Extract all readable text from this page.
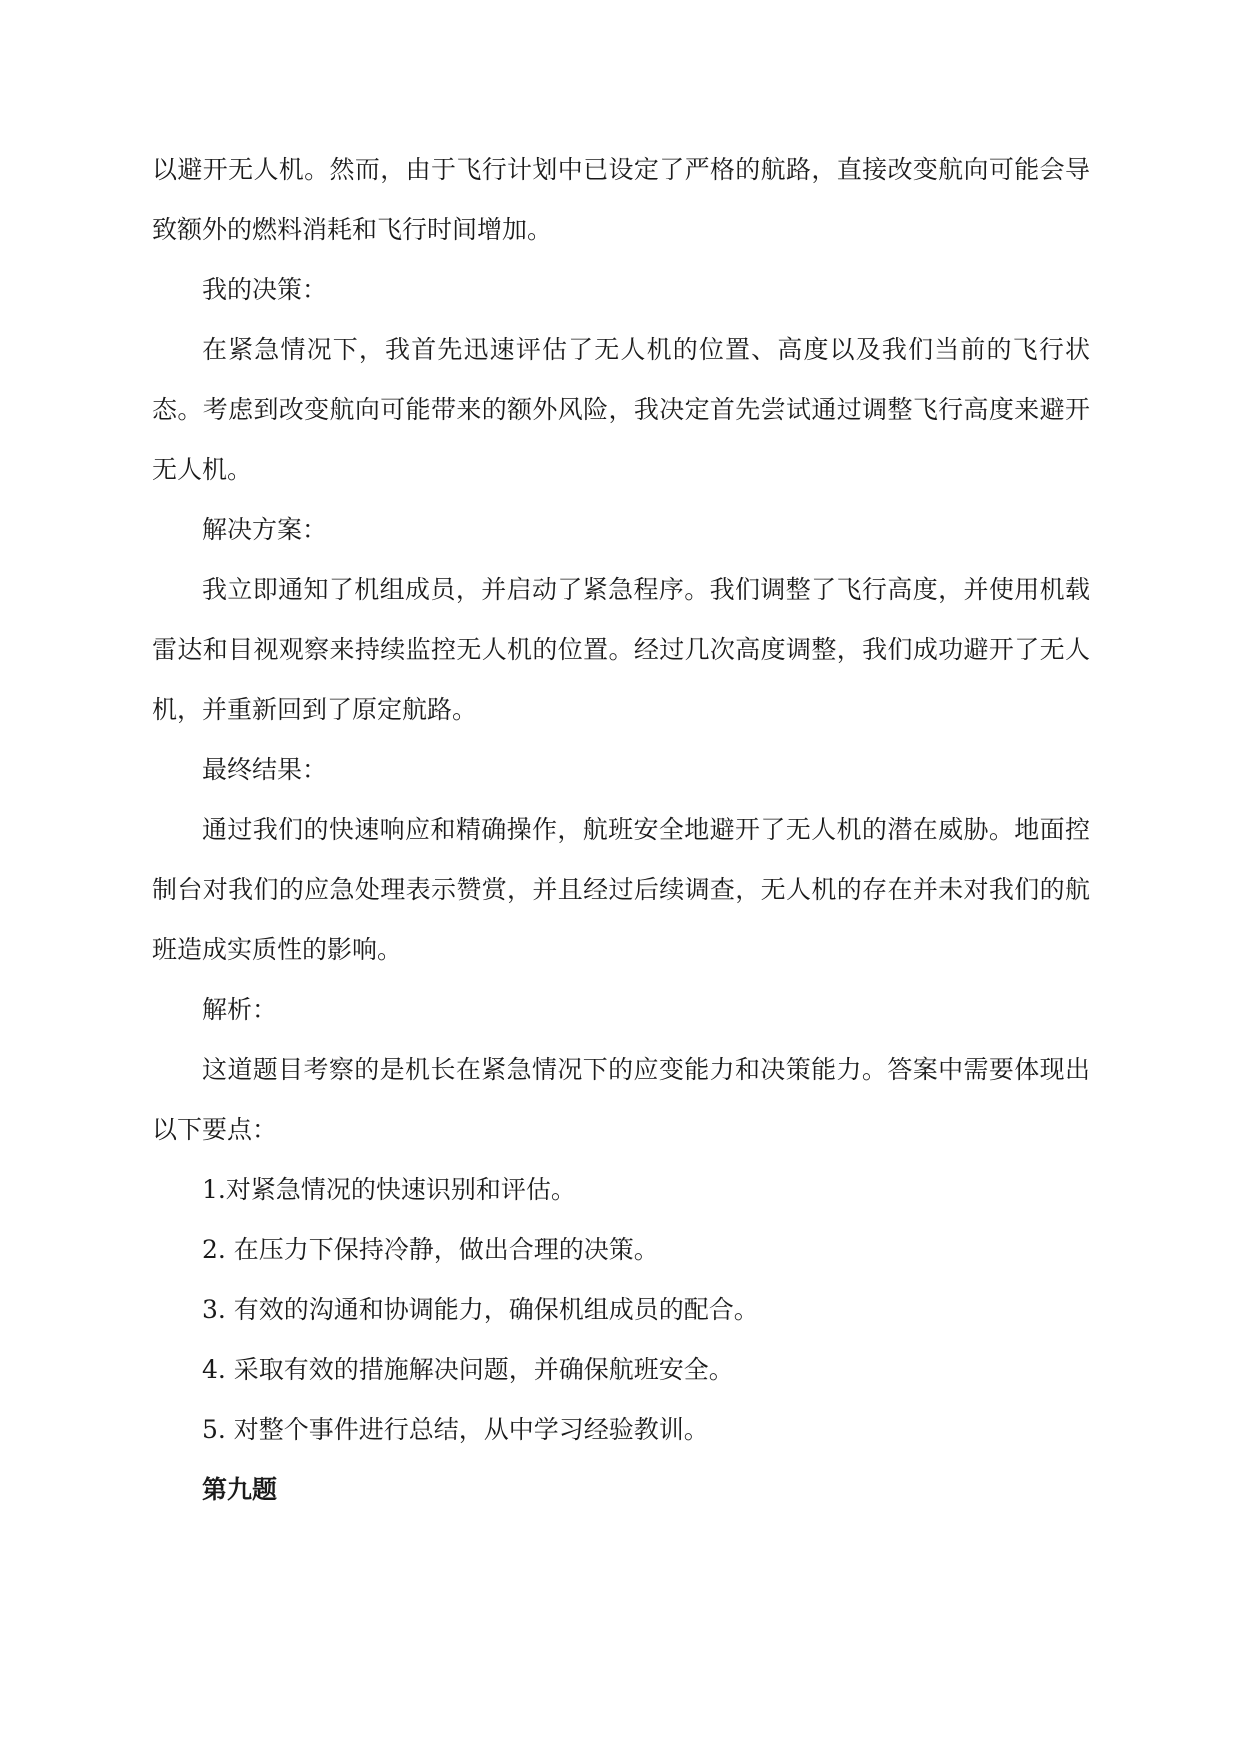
以避开无人机。然而，由于飞行计划中已设定了严格的航路，直接改变航向可能会导致额外的燃料消耗和飞行时间增加。

我的决策：

在紧急情况下，我首先迅速评估了无人机的位置、高度以及我们当前的飞行状态。考虑到改变航向可能带来的额外风险，我决定首先尝试通过调整飞行高度来避开无人机。

解决方案：

我立即通知了机组成员，并启动了紧急程序。我们调整了飞行高度，并使用机载雷达和目视观察来持续监控无人机的位置。经过几次高度调整，我们成功避开了无人机，并重新回到了原定航路。

最终结果：

通过我们的快速响应和精确操作，航班安全地避开了无人机的潜在威胁。地面控制台对我们的应急处理表示赞赏，并且经过后续调查，无人机的存在并未对我们的航班造成实质性的影响。

解析：

这道题目考察的是机长在紧急情况下的应变能力和决策能力。答案中需要体现出以下要点：

1.对紧急情况的快速识别和评估。

2. 在压力下保持冷静，做出合理的决策。

3. 有效的沟通和协调能力，确保机组成员的配合。

4. 采取有效的措施解决问题，并确保航班安全。

5. 对整个事件进行总结，从中学习经验教训。

第九题
